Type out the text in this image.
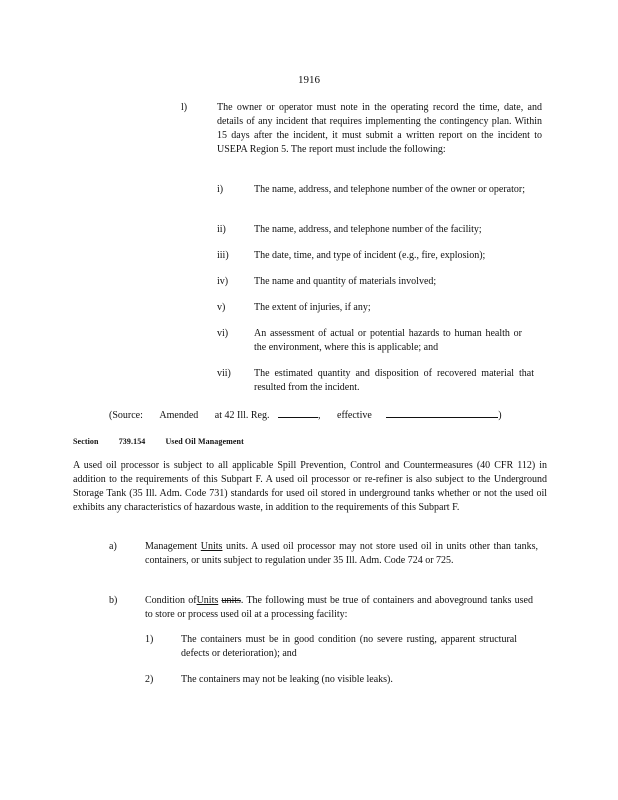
1916
l)	The owner or operator must note in the operating record the time, date, and details of any incident that requires implementing the contingency plan. Within 15 days after the incident, it must submit a written report on the incident to USEPA Region 5. The report must include the following:
i)	The name, address, and telephone number of the owner or operator;
ii)	The name, address, and telephone number of the facility;
iii)	The date, time, and type of incident (e.g., fire, explosion);
iv)	The name and quantity of materials involved;
v)	The extent of injuries, if any;
vi)	An assessment of actual or potential hazards to human health or the environment, where this is applicable; and
vii)	The estimated quantity and disposition of recovered material that resulted from the incident.
(Source: Amended at 42 Ill. Reg.	, effective	)
Section	739.154	Used Oil Management
A used oil processor is subject to all applicable Spill Prevention, Control and Countermeasures (40 CFR 112) in addition to the requirements of this Subpart F. A used oil processor or re-refiner is also subject to the Underground Storage Tank (35 Ill. Adm. Code 731) standards for used oil stored in underground tanks whether or not the used oil exhibits any characteristics of hazardous waste, in addition to the requirements of this Subpart F.
a)	Management Units units. A used oil processor may not store used oil in units other than tanks, containers, or units subject to regulation under 35 Ill. Adm. Code 724 or 725.
b)	Condition ofUnits units. The following must be true of containers and aboveground tanks used to store or process used oil at a processing facility:
1)	The containers must be in good condition (no severe rusting, apparent structural defects or deterioration); and
2)	The containers may not be leaking (no visible leaks).
